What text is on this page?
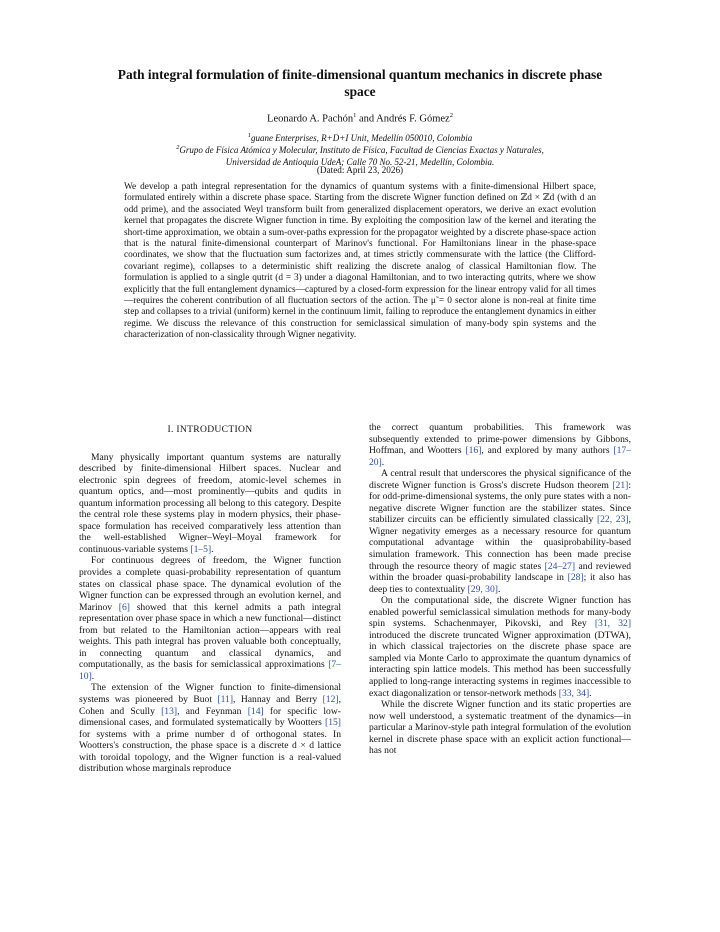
Path integral formulation of finite-dimensional quantum mechanics in discrete phase
space
Leonardo A. Pachón$^1$ and Andrés F. Gómez$^2$
$^1$guane Enterprises, R+D+I Unit, Medellín 050010, Colombia
$^2$Grupo de Física Atómica y Molecular, Instituto de Física, Facultad de Ciencias Exactas y Naturales,
Universidad de Antioquia UdeA; Calle 70 No. 52-21, Medellín, Colombia.
(Dated: April 23, 2026)
We develop a path integral representation for the dynamics of quantum systems with a finite-dimensional Hilbert space, formulated entirely within a discrete phase space. Starting from the discrete Wigner function defined on ℤd × ℤd (with d an odd prime), and the associated Weyl transform built from generalized displacement operators, we derive an exact evolution kernel that propagates the discrete Wigner function in time. By exploiting the composition law of the kernel and iterating the short-time approximation, we obtain a sum-over-paths expression for the propagator weighted by a discrete phase-space action that is the natural finite-dimensional counterpart of Marinov's functional. For Hamiltonians linear in the phase-space coordinates, we show that the fluctuation sum factorizes and, at times strictly commensurate with the lattice (the Clifford-covariant regime), collapses to a deterministic shift realizing the discrete analog of classical Hamiltonian flow. The formulation is applied to a single qutrit (d = 3) under a diagonal Hamiltonian, and to two interacting qutrits, where we show explicitly that the full entanglement dynamics—captured by a closed-form expression for the linear entropy valid for all times—requires the coherent contribution of all fluctuation sectors of the action. The μ̃ = 0 sector alone is non-real at finite time step and collapses to a trivial (uniform) kernel in the continuum limit, failing to reproduce the entanglement dynamics in either regime. We discuss the relevance of this construction for semiclassical simulation of many-body spin systems and the characterization of non-classicality through Wigner negativity.
I. INTRODUCTION

Many physically important quantum systems are naturally described by finite-dimensional Hilbert spaces. Nuclear and electronic spin degrees of freedom, atomic-level schemes in quantum optics, and—most prominently—qubits and qudits in quantum information processing all belong to this category. Despite the central role these systems play in modern physics, their phase-space formulation has received comparatively less attention than the well-established Wigner–Weyl–Moyal framework for continuous-variable systems [1–5].

For continuous degrees of freedom, the Wigner function provides a complete quasi-probability representation of quantum states on classical phase space. The dynamical evolution of the Wigner function can be expressed through an evolution kernel, and Marinov [6] showed that this kernel admits a path integral representation over phase space in which a new functional—distinct from but related to the Hamiltonian action—appears with real weights. This path integral has proven valuable both conceptually, in connecting quantum and classical dynamics, and computationally, as the basis for semiclassical approximations [7–10].

The extension of the Wigner function to finite-dimensional systems was pioneered by Buot [11], Hannay and Berry [12], Cohen and Scully [13], and Feynman [14] for specific low-dimensional cases, and formulated systematically by Wootters [15] for systems with a prime number d of orthogonal states. In Wootters's construction, the phase space is a discrete d × d lattice with toroidal topology, and the Wigner function is a real-valued distribution whose marginals reproduce

the correct quantum probabilities. This framework was subsequently extended to prime-power dimensions by Gibbons, Hoffman, and Wootters [16], and explored by many authors [17–20].

A central result that underscores the physical significance of the discrete Wigner function is Gross's discrete Hudson theorem [21]: for odd-prime-dimensional systems, the only pure states with a non-negative discrete Wigner function are the stabilizer states. Since stabilizer circuits can be efficiently simulated classically [22, 23], Wigner negativity emerges as a necessary resource for quantum computational advantage within the quasiprobability-based simulation framework. This connection has been made precise through the resource theory of magic states [24–27] and reviewed within the broader quasi-probability landscape in [28]; it also has deep ties to contextuality [29, 30].

On the computational side, the discrete Wigner function has enabled powerful semiclassical simulation methods for many-body spin systems. Schachenmayer, Pikovski, and Rey [31, 32] introduced the discrete truncated Wigner approximation (DTWA), in which classical trajectories on the discrete phase space are sampled via Monte Carlo to approximate the quantum dynamics of interacting spin lattice models. This method has been successfully applied to long-range interacting systems in regimes inaccessible to exact diagonalization or tensor-network methods [33, 34].

While the discrete Wigner function and its static properties are now well understood, a systematic treatment of the dynamics—in particular a Marinov-style path integral formulation of the evolution kernel in discrete phase space with an explicit action functional—has not
